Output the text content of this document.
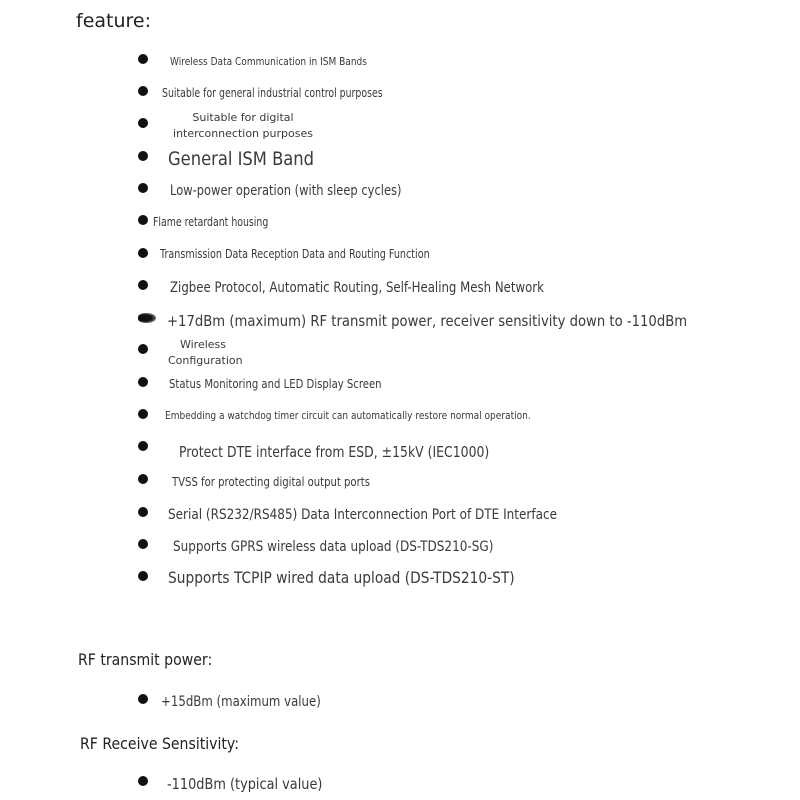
feature:
Wireless Data Communication in ISM Bands
Suitable for general industrial control purposes
Suitable for digital interconnection purposes
General ISM Band
Low-power operation (with sleep cycles)
Flame retardant housing
Transmission Data Reception Data and Routing Function
Zigbee Protocol, Automatic Routing, Self-Healing Mesh Network
+17dBm (maximum) RF transmit power, receiver sensitivity down to -110dBm
Wireless Configuration
Status Monitoring and LED Display Screen
Embedding a watchdog timer circuit can automatically restore normal operation.
Protect DTE interface from ESD, ±15kV (IEC1000)
TVSS for protecting digital output ports
Serial (RS232/RS485) Data Interconnection Port of DTE Interface
Supports GPRS wireless data upload (DS-TDS210-SG)
Supports TCPIP wired data upload (DS-TDS210-ST)
RF transmit power:
+15dBm (maximum value)
RF Receive Sensitivity:
-110dBm (typical value)
